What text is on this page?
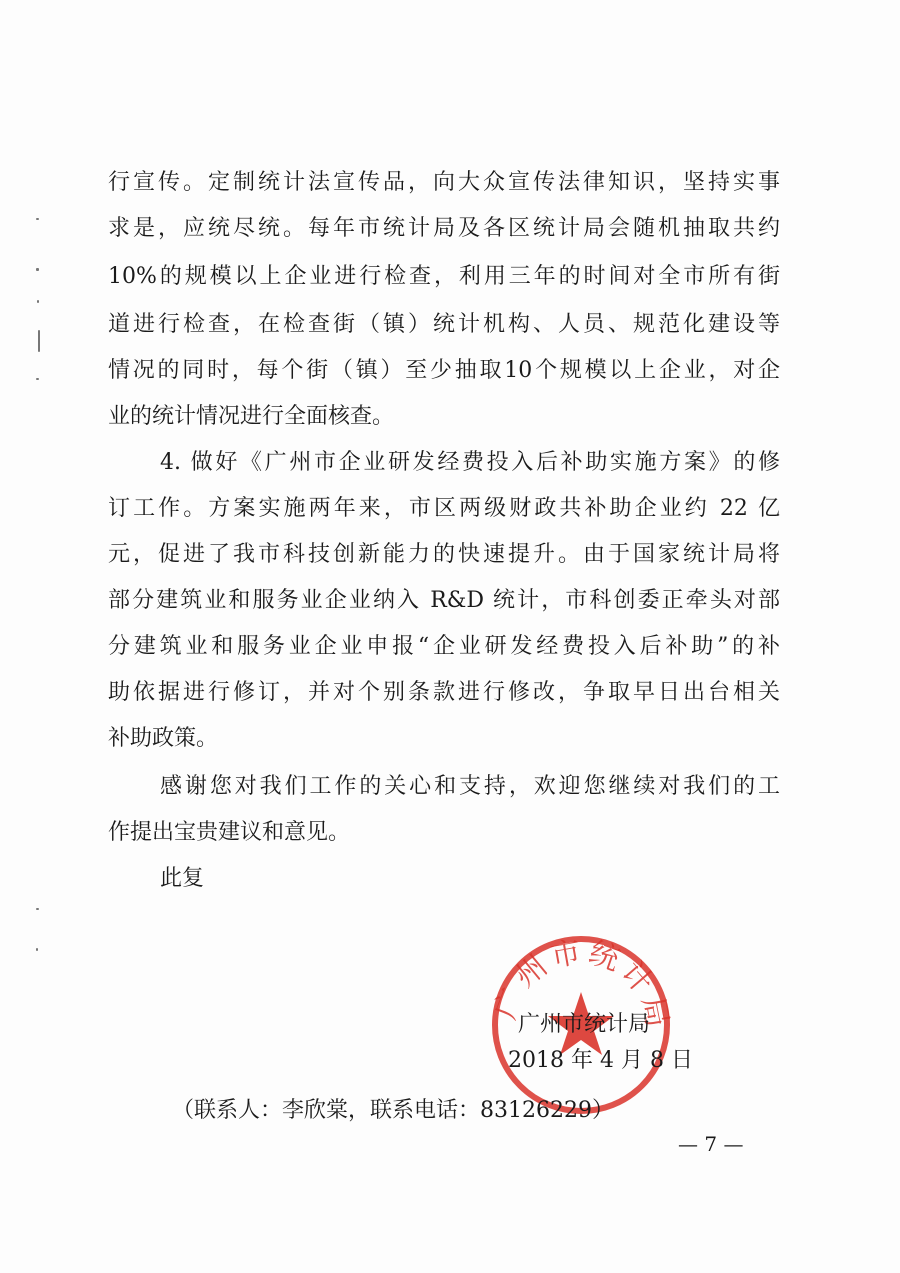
行宣传。定制统计法宣传品，向大众宣传法律知识，坚持实事
求是，应统尽统。每年市统计局及各区统计局会随机抽取共约
10%的规模以上企业进行检查，利用三年的时间对全市所有街
道进行检查，在检查街（镇）统计机构、人员、规范化建设等
情况的同时，每个街（镇）至少抽取10个规模以上企业，对企
业的统计情况进行全面核查。
4. 做好《广州市企业研发经费投入后补助实施方案》的修
订工作。方案实施两年来，市区两级财政共补助企业约 22 亿
元，促进了我市科技创新能力的快速提升。由于国家统计局将
部分建筑业和服务业企业纳入 R&D 统计，市科创委正牵头对部
分建筑业和服务业企业申报“企业研发经费投入后补助”的补
助依据进行修订，并对个别条款进行修改，争取早日出台相关
补助政策。
感谢您对我们工作的关心和支持，欢迎您继续对我们的工
作提出宝贵建议和意见。
此复
广州市统计局
广州市统计局
2018 年 4 月 8 日
（联系人：李欣棠，联系电话：83126229）
— 7 —
